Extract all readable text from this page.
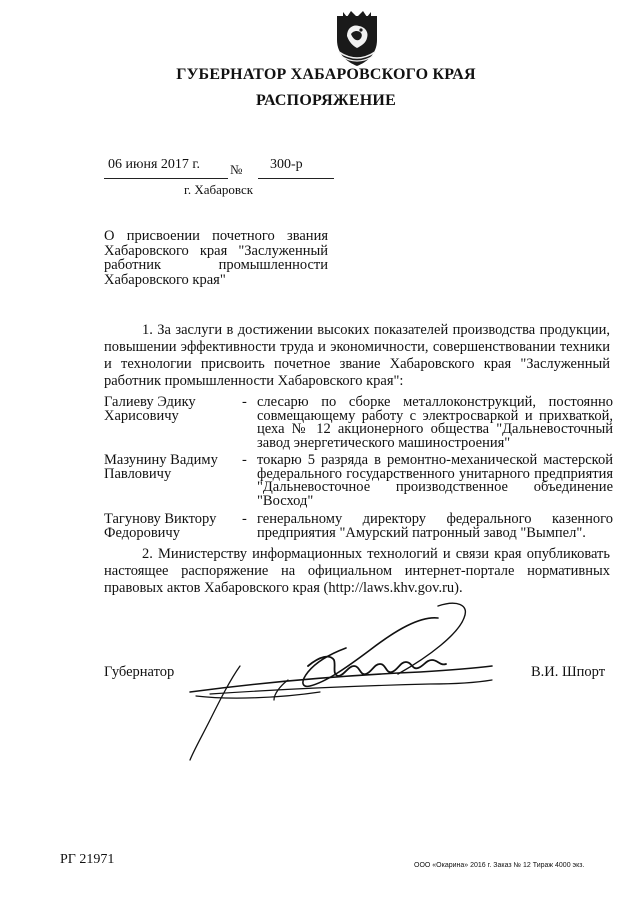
ГУБЕРНАТОР ХАБАРОВСКОГО КРАЯ
РАСПОРЯЖЕНИЕ
06 июня 2017 г. № 300-р
г. Хабаровск
О присвоении почетного звания Хабаровского края "Заслуженный работник промышленности Хабаровского края"
1. За заслуги в достижении высоких показателей производства продукции, повышении эффективности труда и экономичности, совершенствовании техники и технологии присвоить почетное звание Хабаровского края "Заслуженный работник промышленности Хабаровского края":
Галиеву Эдику Харисовичу
- слесарю по сборке металлоконструкций, постоянно совмещающему работу с электросваркой и прихваткой, цеха № 12 акционерного общества "Дальневосточный завод энергетического машиностроения"
Мазунину Вадиму Павловичу
- токарю 5 разряда в ремонтно-механической мастерской федерального государственного унитарного предприятия "Дальневосточное производственное объединение "Восход"
Тагунову Виктору Федоровичу
- генеральному директору федерального казенного предприятия "Амурский патронный завод "Вымпел".
2. Министерству информационных технологий и связи края опубликовать настоящее распоряжение на официальном интернет-портале нормативных правовых актов Хабаровского края (http://laws.khv.gov.ru).
Губернатор	В.И. Шпорт
РГ 21971	ООО «Окарина» 2016 г. Заказ № 12 Тираж 4000 экз.
